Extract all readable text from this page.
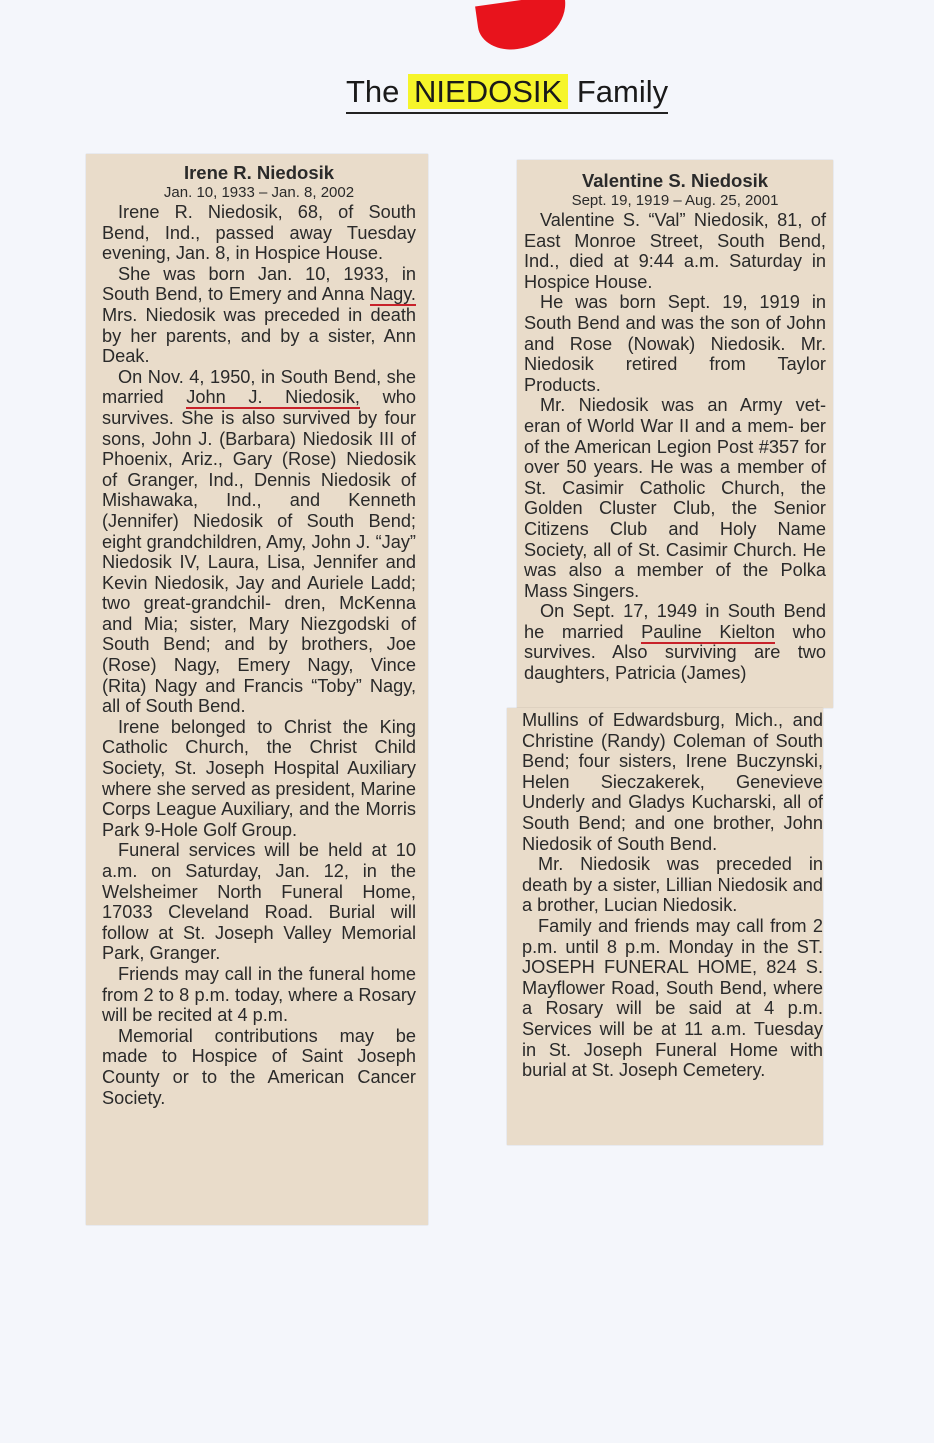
The NIEDOSIK Family
Irene R. Niedosik
Jan. 10, 1933 – Jan. 8, 2002

Irene R. Niedosik, 68, of South Bend, Ind., passed away Tuesday evening, Jan. 8, in Hospice House.

She was born Jan. 10, 1933, in South Bend, to Emery and Anna Nagy. Mrs. Niedosik was preceded in death by her parents, and by a sister, Ann Deak.

On Nov. 4, 1950, in South Bend, she married John J. Niedosik, who survives. She is also survived by four sons, John J. (Barbara) Niedosik III of Phoenix, Ariz., Gary (Rose) Niedosik of Granger, Ind., Dennis Niedosik of Mishawaka, Ind., and Kenneth (Jennifer) Niedosik of South Bend; eight grandchildren, Amy, John J. “Jay” Niedosik IV, Laura, Lisa, Jennifer and Kevin Niedosik, Jay and Auriele Ladd; two great-grandchil- dren, McKenna and Mia; sister, Mary Niezgodski of South Bend; and by brothers, Joe (Rose) Nagy, Emery Nagy, Vince (Rita) Nagy and Francis “Toby” Nagy, all of South Bend.

Irene belonged to Christ the King Catholic Church, the Christ Child Society, St. Joseph Hospital Auxiliary where she served as president, Marine Corps League Auxiliary, and the Morris Park 9-Hole Golf Group.

Funeral services will be held at 10 a.m. on Saturday, Jan. 12, in the Welsheimer North Funeral Home, 17033 Cleveland Road. Burial will follow at St. Joseph Valley Memorial Park, Granger.

Friends may call in the funeral home from 2 to 8 p.m. today, where a Rosary will be recited at 4 p.m.

Memorial contributions may be made to Hospice of Saint Joseph County or to the American Cancer Society.

Valentine S. Niedosik
Sept. 19, 1919 – Aug. 25, 2001

Valentine S. “Val” Niedosik, 81, of East Monroe Street, South Bend, Ind., died at 9:44 a.m. Saturday in Hospice House.

He was born Sept. 19, 1919 in South Bend and was the son of John and Rose (Nowak) Niedosik. Mr. Niedosik retired from Taylor Products.

Mr. Niedosik was an Army vet- eran of World War II and a mem- ber of the American Legion Post #357 for over 50 years. He was a member of St. Casimir Catholic Church, the Golden Cluster Club, the Senior Citizens Club and Holy Name Society, all of St. Casimir Church. He was also a member of the Polka Mass Singers.

On Sept. 17, 1949 in South Bend he married Pauline Kielton who survives. Also surviving are two daughters, Patricia (James)

Mullins of Edwardsburg, Mich., and Christine (Randy) Coleman of South Bend; four sisters, Irene Buczynski, Helen Sieczakerek, Genevieve Underly and Gladys Kucharski, all of South Bend; and one brother, John Niedosik of South Bend.

Mr. Niedosik was preceded in death by a sister, Lillian Niedosik and a brother, Lucian Niedosik.

Family and friends may call from 2 p.m. until 8 p.m. Monday in the ST. JOSEPH FUNERAL HOME, 824 S. Mayflower Road, South Bend, where a Rosary will be said at 4 p.m. Services will be at 11 a.m. Tuesday in St. Joseph Funeral Home with burial at St. Joseph Cemetery.
